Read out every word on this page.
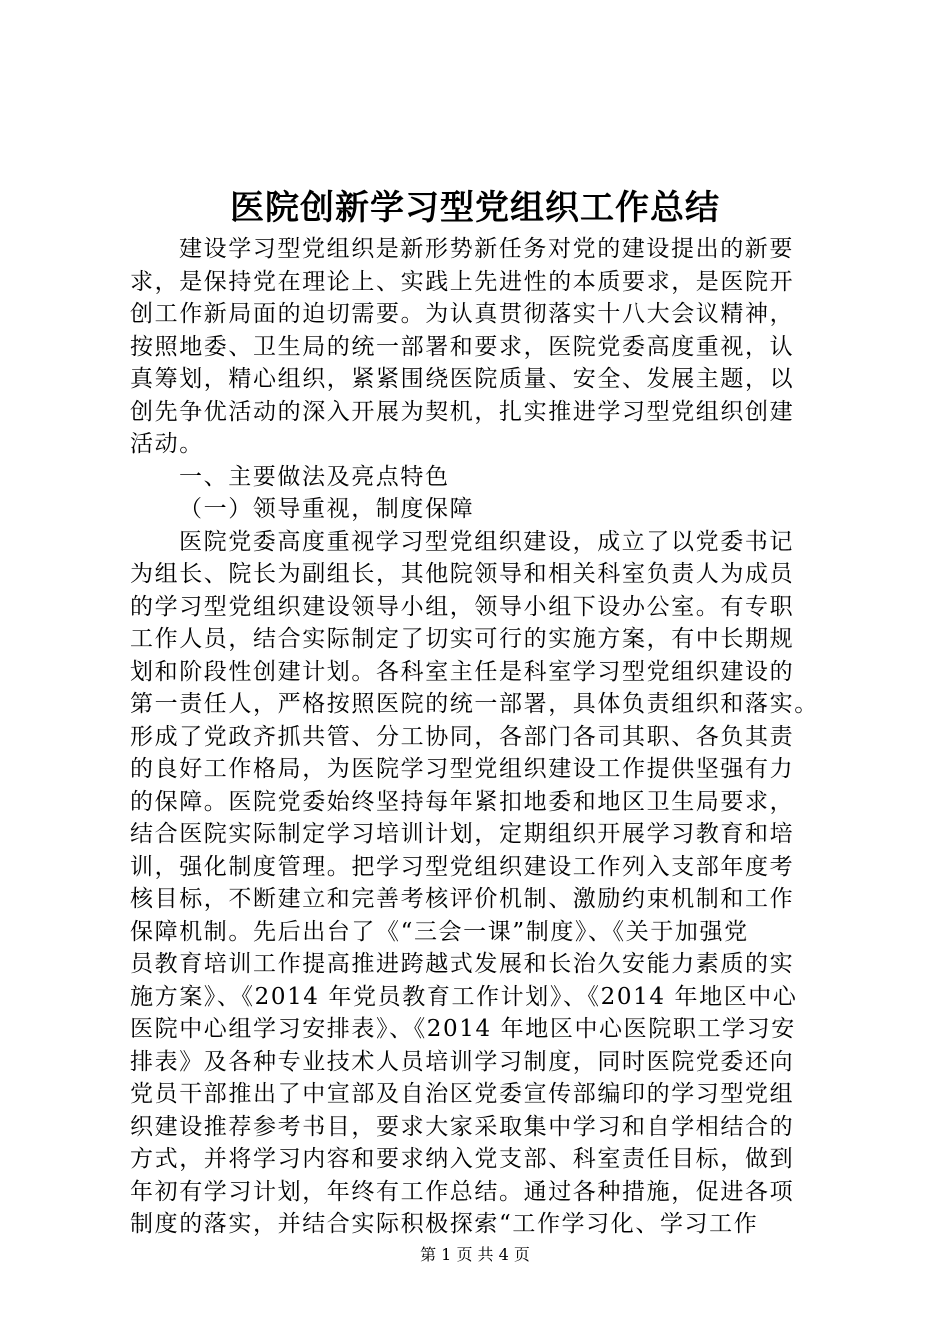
医院创新学习型党组织工作总结
建设学习型党组织是新形势新任务对党的建设提出的新要
求，是保持党在理论上、实践上先进性的本质要求，是医院开
创工作新局面的迫切需要。为认真贯彻落实十八大会议精神，
按照地委、卫生局的统一部署和要求，医院党委高度重视，认
真筹划，精心组织，紧紧围绕医院质量、安全、发展主题，以
创先争优活动的深入开展为契机，扎实推进学习型党组织创建
活动。
一、主要做法及亮点特色
（一）领导重视，制度保障
医院党委高度重视学习型党组织建设，成立了以党委书记
为组长、院长为副组长，其他院领导和相关科室负责人为成员
的学习型党组织建设领导小组，领导小组下设办公室。有专职
工作人员，结合实际制定了切实可行的实施方案，有中长期规
划和阶段性创建计划。各科室主任是科室学习型党组织建设的
第一责任人，严格按照医院的统一部署，具体负责组织和落实。
形成了党政齐抓共管、分工协同，各部门各司其职、各负其责
的良好工作格局，为医院学习型党组织建设工作提供坚强有力
的保障。医院党委始终坚持每年紧扣地委和地区卫生局要求，
结合医院实际制定学习培训计划，定期组织开展学习教育和培
训，强化制度管理。把学习型党组织建设工作列入支部年度考
核目标，不断建立和完善考核评价机制、激励约束机制和工作
保障机制。先后出台了《“三会一课”制度》、《关于加强党
员教育培训工作提高推进跨越式发展和长治久安能力素质的实
施方案》、《2014 年党员教育工作计划》、《2014 年地区中心
医院中心组学习安排表》、《2014 年地区中心医院职工学习安
排表》及各种专业技术人员培训学习制度，同时医院党委还向
党员干部推出了中宣部及自治区党委宣传部编印的学习型党组
织建设推荐参考书目，要求大家采取集中学习和自学相结合的
方式，并将学习内容和要求纳入党支部、科室责任目标，做到
年初有学习计划，年终有工作总结。通过各种措施，促进各项
制度的落实，并结合实际积极探索“工作学习化、学习工作
第 1 页 共 4 页
